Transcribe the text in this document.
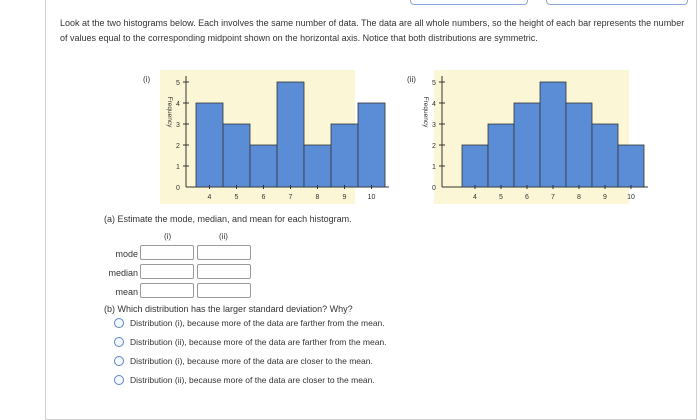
Look at the two histograms below. Each involves the same number of data. The data are all whole numbers, so the height of each bar represents the number of values equal to the corresponding midpoint shown on the horizontal axis. Notice that both distributions are symmetric.
0
1
2
3
4
5
Frequency
4	5	6	7	8	9	10
(i)
0
1
2
3
4
5
Frequency
4	5	6	7	8	9	10
(ii)
(a) Estimate the mode, median, and mean for each histogram.
(i)	(ii)
mode
median
mean
(b) Which distribution has the larger standard deviation? Why?
Distribution (i), because more of the data are farther from the mean.
Distribution (ii), because more of the data are farther from the mean.
Distribution (i), because more of the data are closer to the mean.
Distribution (ii), because more of the data are closer to the mean.
